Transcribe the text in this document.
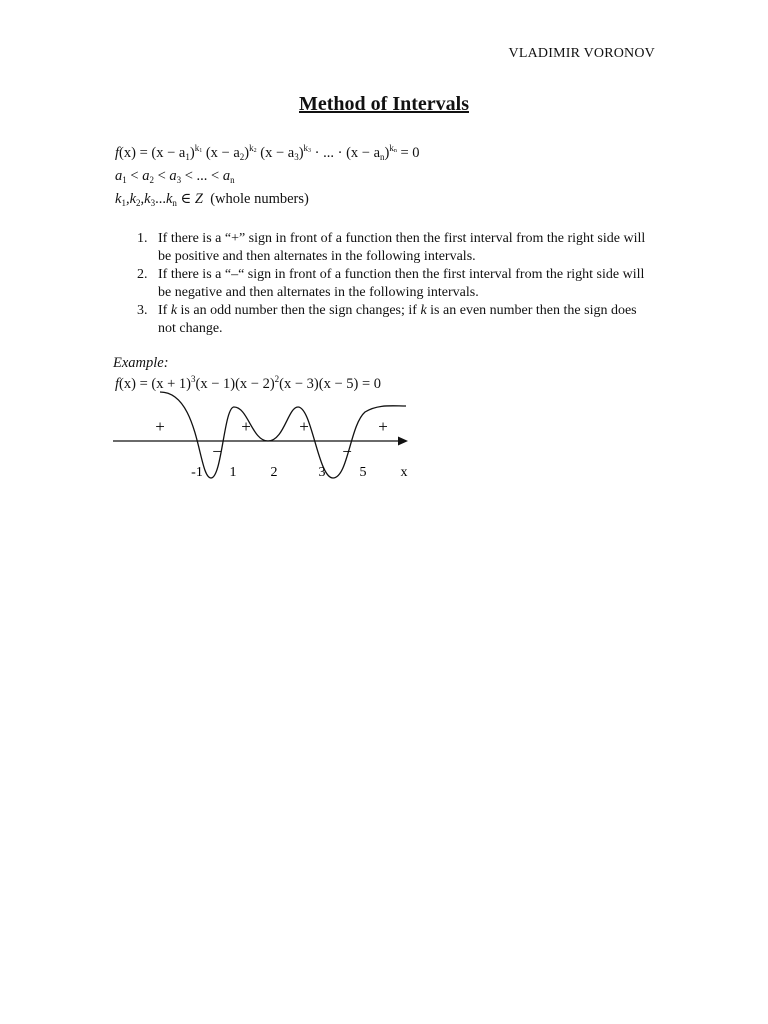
VLADIMIR VORONOV
Method of Intervals
$f(x) = (x - a_1)^{k1}$ $(x - a_2)^{k2}$ $(x - a_3)^{k3}$ · ... · $(x - a_n)^{kn} = 0$
$a_1 < a_2 < a_3$ < ... < $a_n$
$k_1,k_2,k_3...k_n$ ∈ Z  (whole numbers)
1. If there is a “+” sign in front of a function then the first interval from the right side will be positive and then alternates in the following intervals.
2. If there is a “–“ sign in front of a function then the first interval from the right side will be negative and then alternates in the following intervals.
3. If k is an odd number then the sign changes; if k is an even number then the sign does not change.
Example:
$f(x) = (x + 1)^3(x - 1)(x - 2)^2(x - 3)(x - 5) = 0$
+
−
+	+
−
+
-1 1 2	3 5 x
